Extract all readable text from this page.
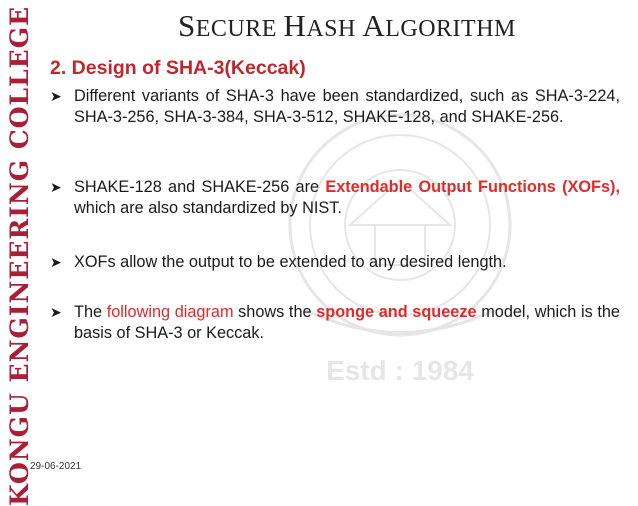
KONGU ENGINEERING COLLEGE	Estd : 1984
SECURE HASH ALGORITHM
2. Design of SHA-3(Keccak)
➤ Different variants of SHA-3 have been standardized, such as SHA-3-224, SHA-3-256, SHA-3-384, SHA-3-512, SHAKE-128, and SHAKE-256.
➤ SHAKE-128 and SHAKE-256 are Extendable Output Functions (XOFs), which are also standardized by NIST.
➤ XOFs allow the output to be extended to any desired length.
➤ The following diagram shows the sponge and squeeze model, which is the basis of SHA-3 or Keccak.
29-06-2021
